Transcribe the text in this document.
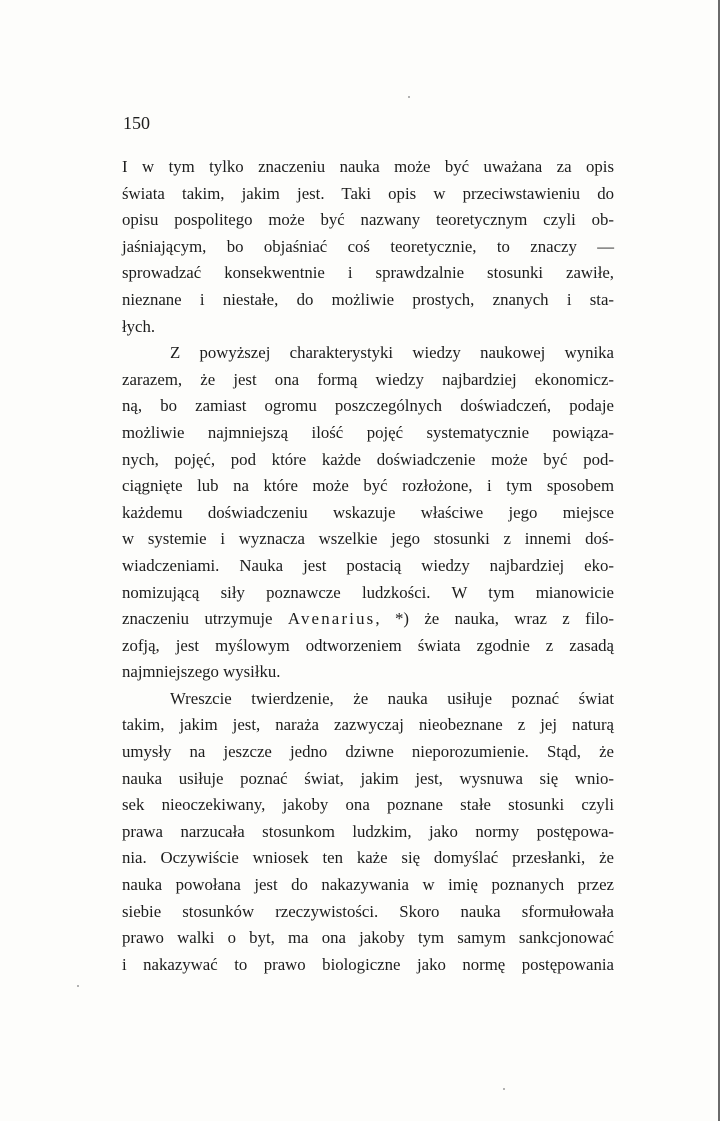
150
I w tym tylko znaczeniu nauka może być uważana za opis
świata takim, jakim jest. Taki opis w przeciwstawieniu do
opisu pospolitego może być nazwany teoretycznym czyli ob-
jaśniającym, bo objaśniać coś teoretycznie, to znaczy —
sprowadzać konsekwentnie i sprawdzalnie stosunki zawiłe,
nieznane i niestałe, do możliwie prostych, znanych i sta-
łych.
Z powyższej charakterystyki wiedzy naukowej wynika
zarazem, że jest ona formą wiedzy najbardziej ekonomicz-
ną, bo zamiast ogromu poszczególnych doświadczeń, podaje
możliwie najmniejszą ilość pojęć systematycznie powiąza-
nych, pojęć, pod które każde doświadczenie może być pod-
ciągnięte lub na które może być rozłożone, i tym sposobem
każdemu doświadczeniu wskazuje właściwe jego miejsce
w systemie i wyznacza wszelkie jego stosunki z innemi doś-
wiadczeniami. Nauka jest postacią wiedzy najbardziej eko-
nomizującą siły poznawcze ludzkości. W tym mianowicie
znaczeniu utrzymuje Avenarius, *) że nauka, wraz z filo-
zofją, jest myślowym odtworzeniem świata zgodnie z zasadą
najmniejszego wysiłku.
Wreszcie twierdzenie, że nauka usiłuje poznać świat
takim, jakim jest, naraża zazwyczaj nieobeznane z jej naturą
umysły na jeszcze jedno dziwne nieporozumienie. Stąd, że
nauka usiłuje poznać świat, jakim jest, wysnuwa się wnio-
sek nieoczekiwany, jakoby ona poznane stałe stosunki czyli
prawa narzucała stosunkom ludzkim, jako normy postępowa-
nia. Oczywiście wniosek ten każe się domyślać przesłanki, że
nauka powołana jest do nakazywania w imię poznanych przez
siebie stosunków rzeczywistości. Skoro nauka sformułowała
prawo walki o byt, ma ona jakoby tym samym sankcjonować
i nakazywać to prawo biologiczne jako normę postępowania
